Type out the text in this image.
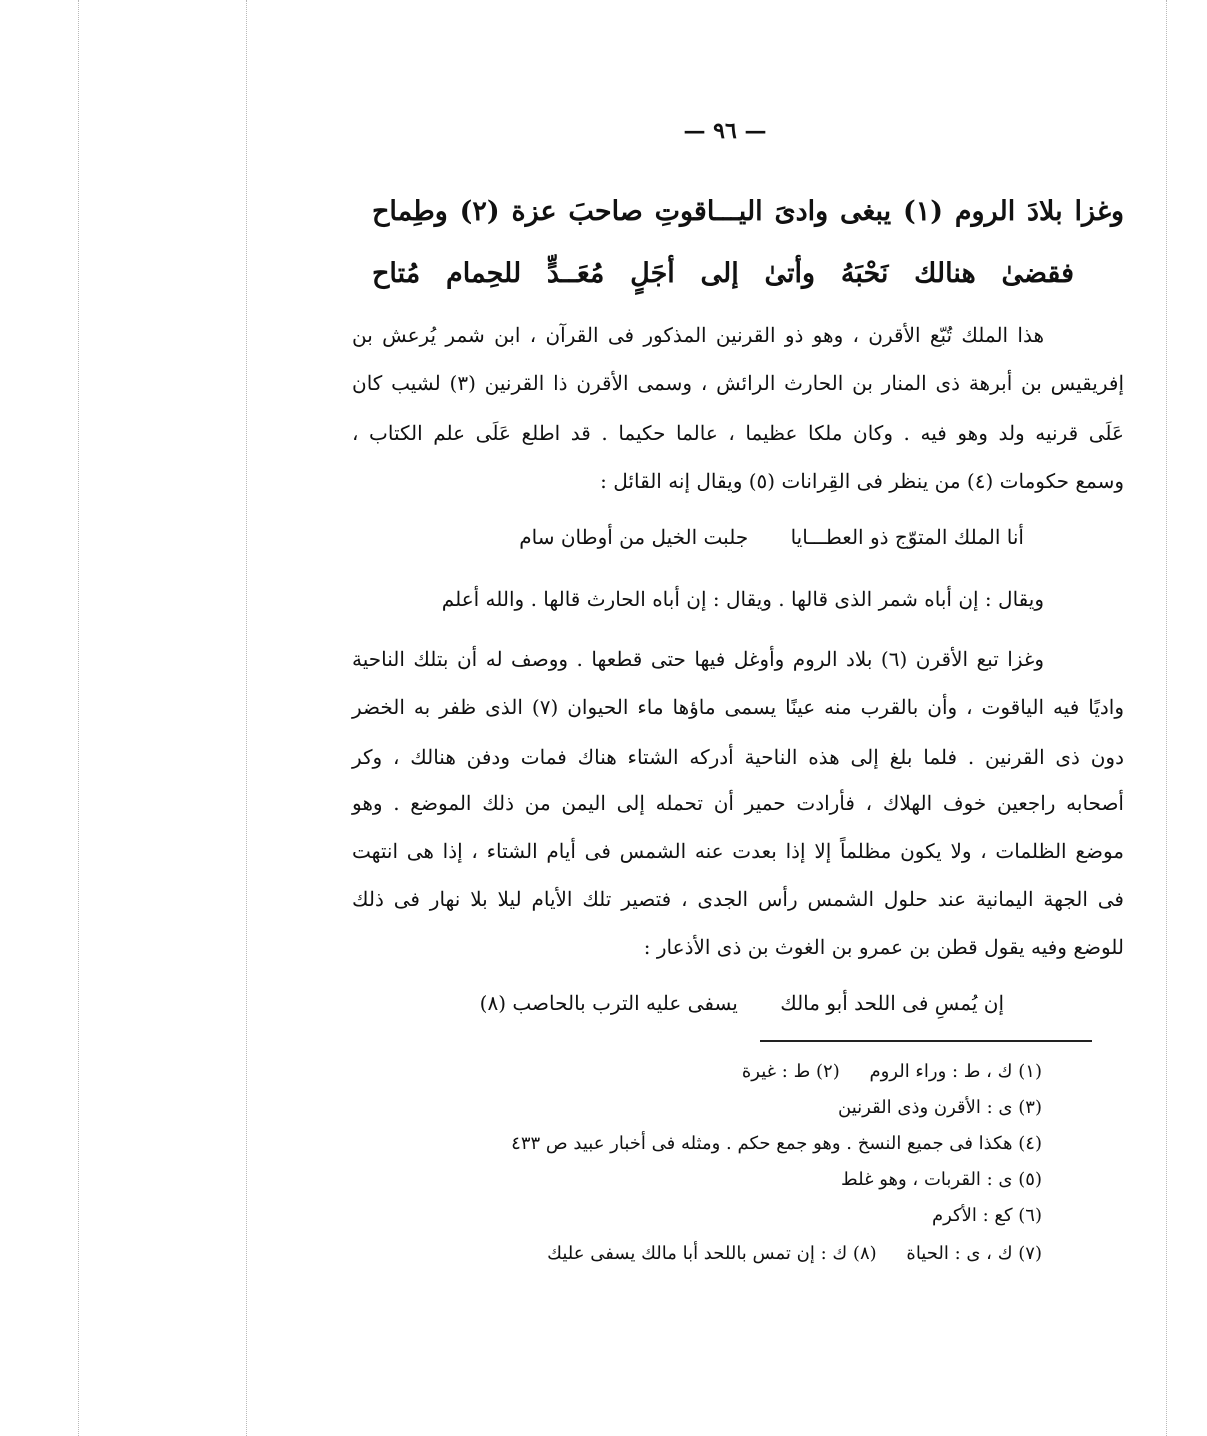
— ٩٦ —
وغزا بلادَ الروم (١) يبغى وادىَ اليـــاقوتِ صاحبَ عزة (٢) وطِماح
فقضىٰ هنالك نَحْبَهُ وأتىٰ إلى أجَلٍ مُعَــدٍّ للحِمام مُتاح
هذا الملك تُبّع الأقرن ، وهو ذو القرنين المذكور فى القرآن ، ابن شمر يُرعش بن
إفريقيس بن أبرهة ذى المنار بن الحارث الرائش ، وسمى الأقرن ذا القرنين (٣) لشيب كان
عَلَى قرنيه ولد وهو فيه . وكان ملكا عظيما ، عالما حكيما . قد اطلع عَلَى علم الكتاب ،
وسمع حكومات (٤) من ينظر فى القِرانات (٥) ويقال إنه القائل :
أنا الملك المتوّج ذو العطـــايا جلبت الخيل من أوطان سام
ويقال : إن أباه شمر الذى قالها . ويقال : إن أباه الحارث قالها . والله أعلم
وغزا تبع الأقرن (٦) بلاد الروم وأوغل فيها حتى قطعها . ووصف له أن بتلك الناحية
واديًا فيه الياقوت ، وأن بالقرب منه عينًا يسمى ماؤها ماء الحيوان (٧) الذى ظفر به الخضر
دون ذى القرنين . فلما بلغ إلى هذه الناحية أدركه الشتاء هناك فمات ودفن هنالك ، وكر
أصحابه راجعين خوف الهلاك ، فأرادت حمير أن تحمله إلى اليمن من ذلك الموضع . وهو
موضع الظلمات ، ولا يكون مظلماً إلا إذا بعدت عنه الشمس فى أيام الشتاء ، إذا هى انتهت
فى الجهة اليمانية عند حلول الشمس رأس الجدى ، فتصير تلك الأيام ليلا بلا نهار فى ذلك
للوضع وفيه يقول قطن بن عمرو بن الغوث بن ذى الأذعار :
إن يُمسِ فى اللحد أبو مالك يسفى عليه الترب بالحاصب (٨)
(١) ك ، ط : وراء الروم (٢) ط : غيرة
(٣) ى : الأقرن وذى القرنين
(٤) هكذا فى جميع النسخ . وهو جمع حكم . ومثله فى أخبار عبيد ص ٤٣٣
(٥) ى : القربات ، وهو غلط
(٦) كع : الأكرم
(٧) ك ، ى : الحياة (٨) ك : إن تمس باللحد أبا مالك يسفى عليك
